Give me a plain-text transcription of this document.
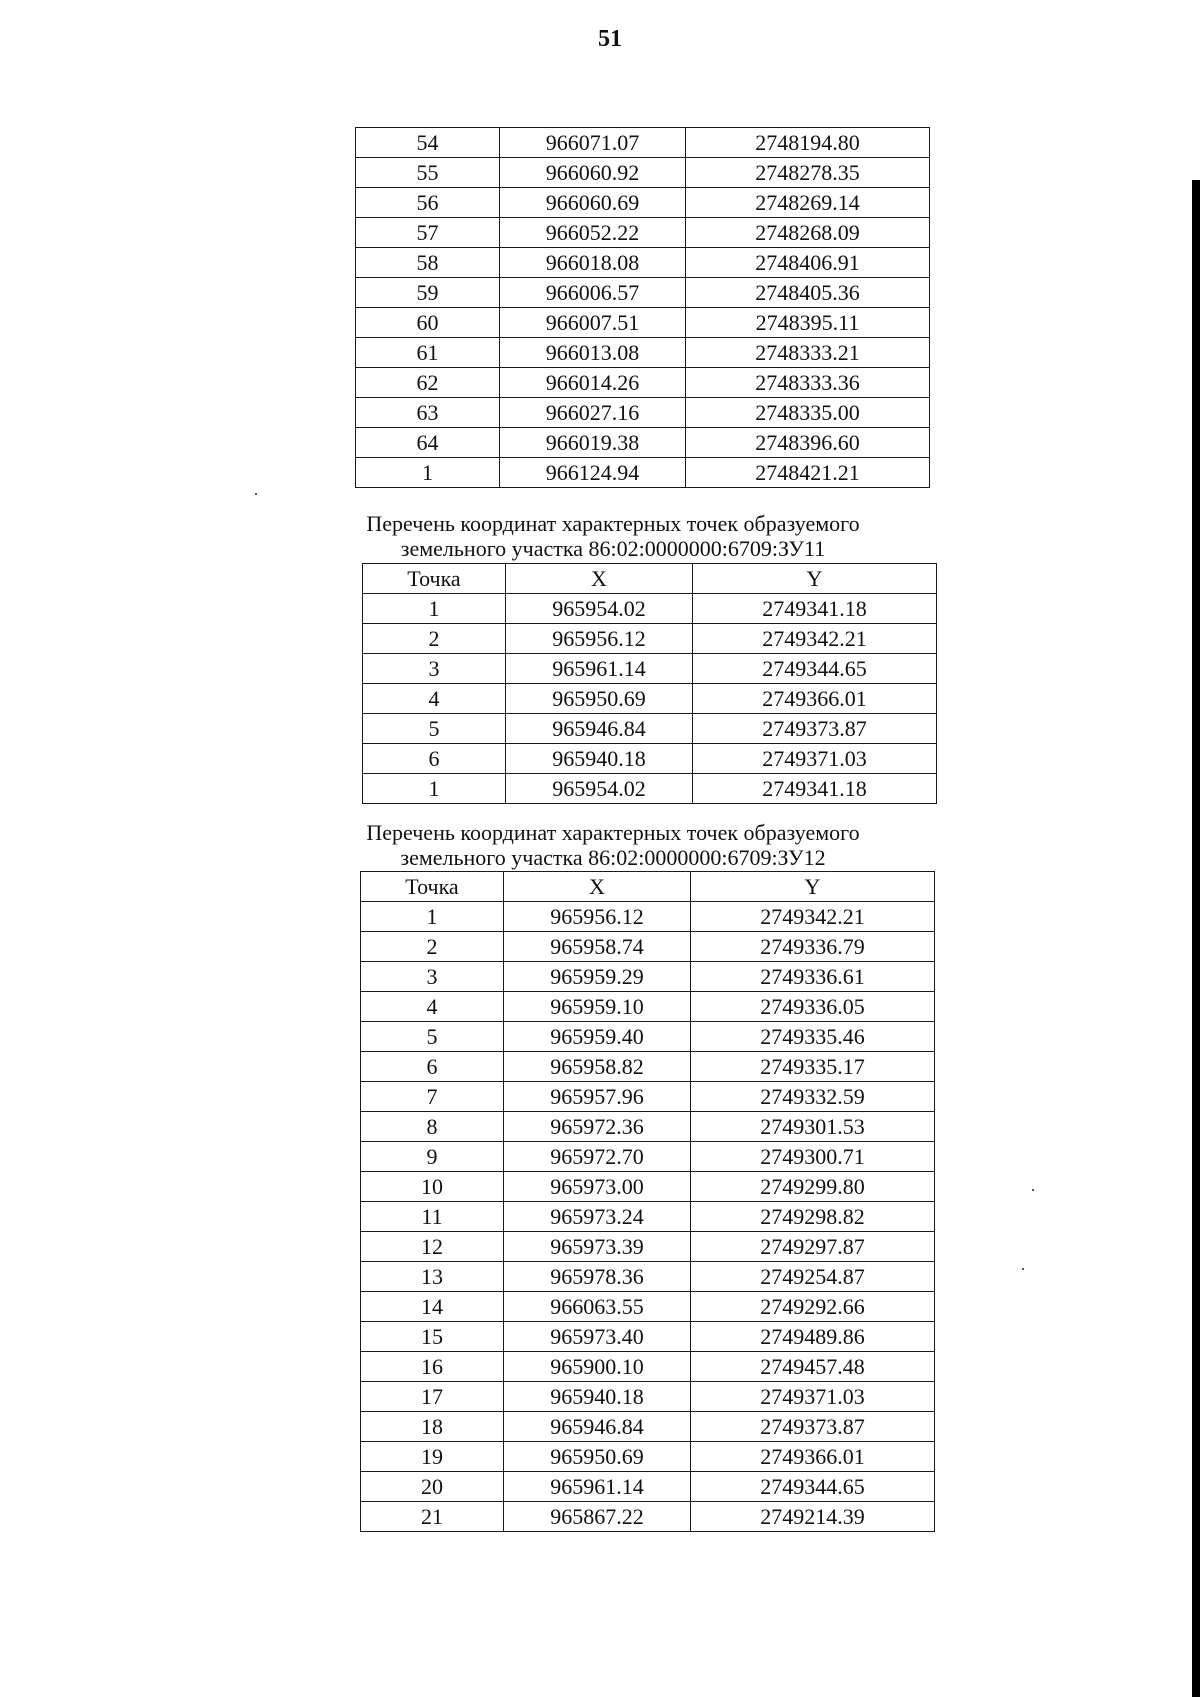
51
54	966071.07	2748194.80
55	966060.92	2748278.35
56	966060.69	2748269.14
57	966052.22	2748268.09
58	966018.08	2748406.91
59	966006.57	2748405.36
60	966007.51	2748395.11
61	966013.08	2748333.21
62	966014.26	2748333.36
63	966027.16	2748335.00
64	966019.38	2748396.60
1	966124.94	2748421.21
Перечень координат характерных точек образуемого
земельного участка 86:02:0000000:6709:ЗУ11
Точка	X	Y
1	965954.02	2749341.18
2	965956.12	2749342.21
3	965961.14	2749344.65
4	965950.69	2749366.01
5	965946.84	2749373.87
6	965940.18	2749371.03
1	965954.02	2749341.18
Перечень координат характерных точек образуемого
земельного участка 86:02:0000000:6709:ЗУ12
Точка	X	Y
1	965956.12	2749342.21
2	965958.74	2749336.79
3	965959.29	2749336.61
4	965959.10	2749336.05
5	965959.40	2749335.46
6	965958.82	2749335.17
7	965957.96	2749332.59
8	965972.36	2749301.53
9	965972.70	2749300.71
10	965973.00	2749299.80
11	965973.24	2749298.82
12	965973.39	2749297.87
13	965978.36	2749254.87
14	966063.55	2749292.66
15	965973.40	2749489.86
16	965900.10	2749457.48
17	965940.18	2749371.03
18	965946.84	2749373.87
19	965950.69	2749366.01
20	965961.14	2749344.65
21	965867.22	2749214.39
